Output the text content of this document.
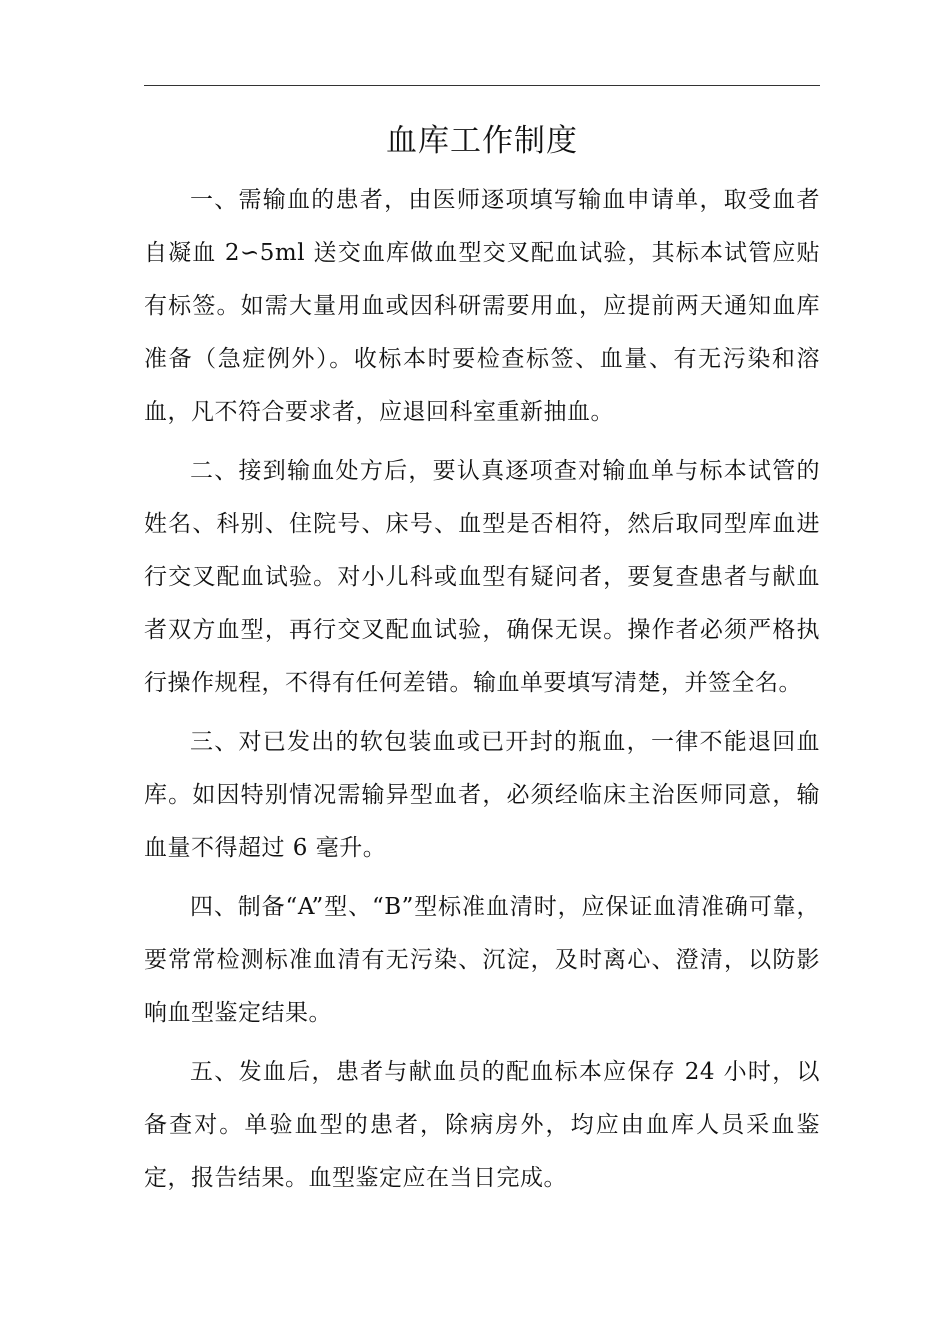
血库工作制度

一、需输血的患者，由医师逐项填写输血申请单，取受血者自凝血 2∽5ml 送交血库做血型交叉配血试验，其标本试管应贴有标签。如需大量用血或因科研需要用血，应提前两天通知血库准备（急症例外）。收标本时要检查标签、血量、有无污染和溶血，凡不符合要求者，应退回科室重新抽血。

二、接到输血处方后，要认真逐项查对输血单与标本试管的姓名、科别、住院号、床号、血型是否相符，然后取同型库血进行交叉配血试验。对小儿科或血型有疑问者，要复查患者与献血者双方血型，再行交叉配血试验，确保无误。操作者必须严格执行操作规程，不得有任何差错。输血单要填写清楚，并签全名。

三、对已发出的软包装血或已开封的瓶血，一律不能退回血库。如因特别情况需输异型血者，必须经临床主治医师同意，输血量不得超过 6 毫升。

四、制备“A”型、“B”型标准血清时，应保证血清准确可靠，要常常检测标准血清有无污染、沉淀，及时离心、澄清，以防影响血型鉴定结果。

五、发血后，患者与献血员的配血标本应保存 24 小时，以备查对。单验血型的患者，除病房外，均应由血库人员采血鉴定，报告结果。血型鉴定应在当日完成。
